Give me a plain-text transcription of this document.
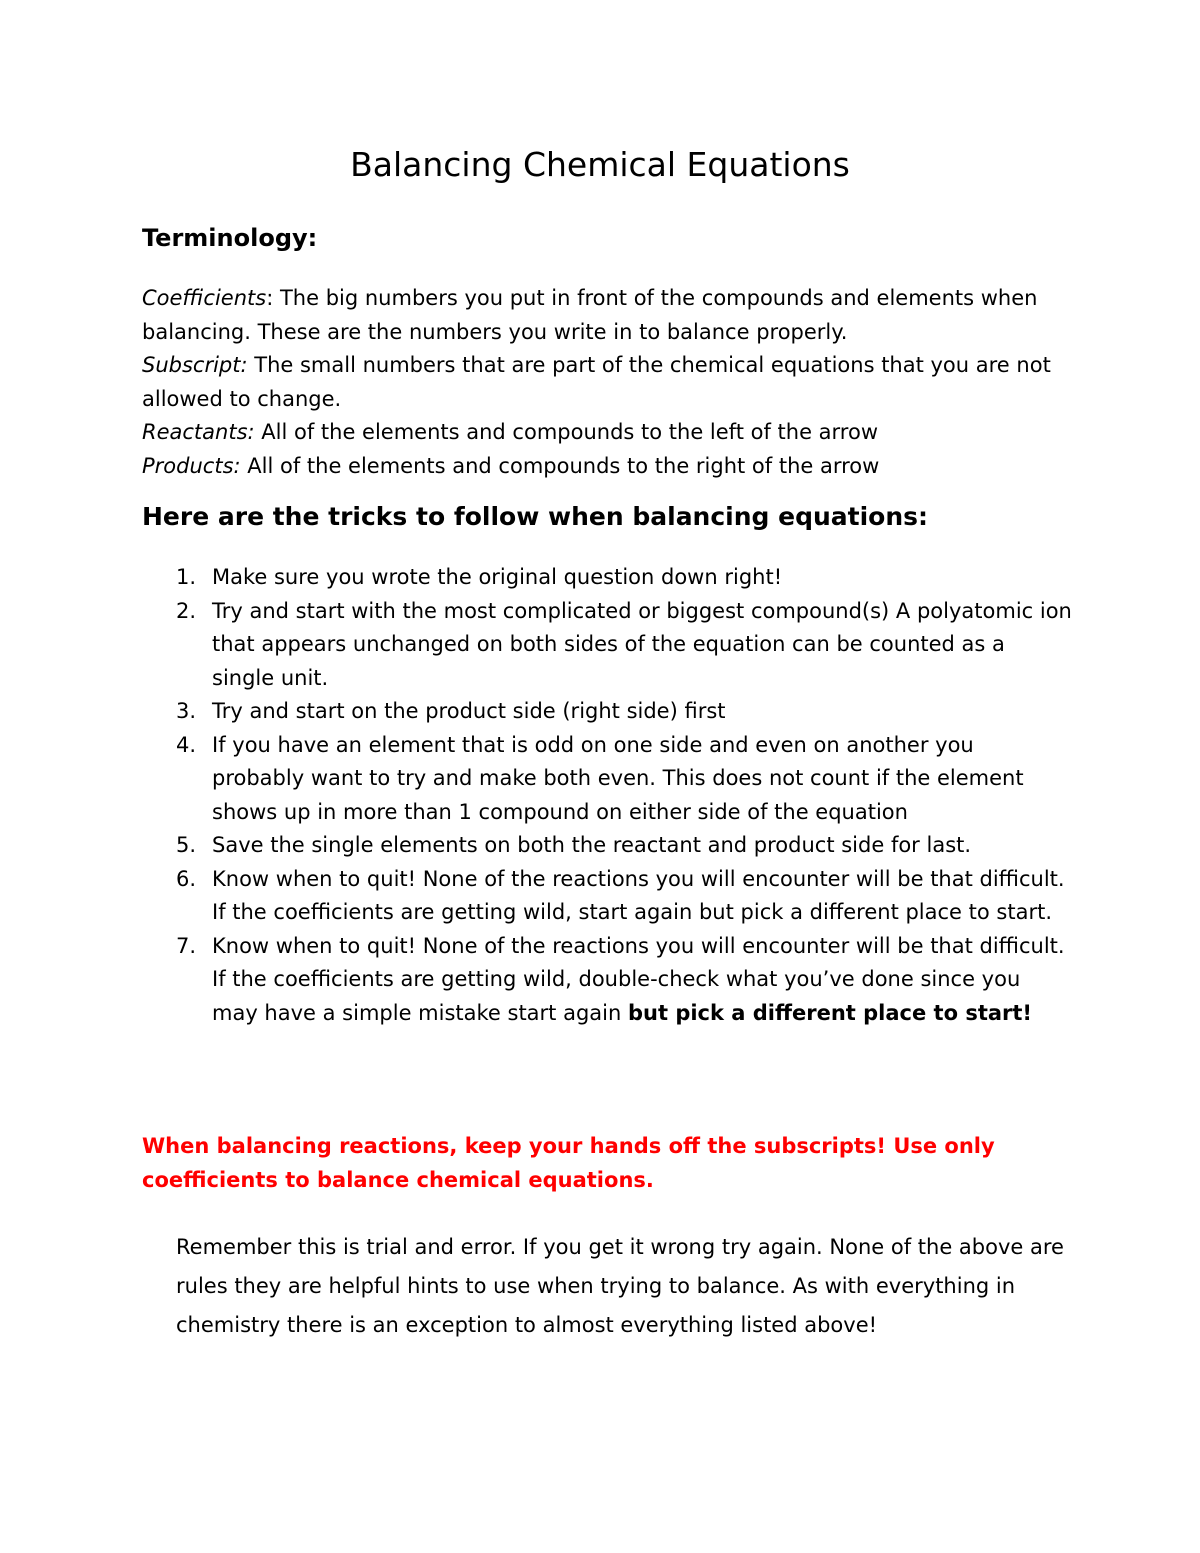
Balancing Chemical Equations
Terminology:

Coefficients: The big numbers you put in front of the compounds and elements when balancing. These are the numbers you write in to balance properly.

Subscript: The small numbers that are part of the chemical equations that you are not allowed to change.

Reactants: All of the elements and compounds to the left of the arrow

Products: All of the elements and compounds to the right of the arrow

Here are the tricks to follow when balancing equations:
1. Make sure you wrote the original question down right!
2. Try and start with the most complicated or biggest compound(s) A polyatomic ion that appears unchanged on both sides of the equation can be counted as a single unit.
3. Try and start on the product side (right side) first
4. If you have an element that is odd on one side and even on another you probably want to try and make both even. This does not count if the element shows up in more than 1 compound on either side of the equation
5. Save the single elements on both the reactant and product side for last.
6. Know when to quit! None of the reactions you will encounter will be that difficult. If the coefficients are getting wild, start again but pick a different place to start.
7. Know when to quit! None of the reactions you will encounter will be that difficult. If the coefficients are getting wild, double-check what you’ve done since you may have a simple mistake start again but pick a different place to start!
When balancing reactions, keep your hands off the subscripts! Use only coefficients to balance chemical equations.
Remember this is trial and error. If you get it wrong try again. None of the above are rules they are helpful hints to use when trying to balance. As with everything in chemistry there is an exception to almost everything listed above!
